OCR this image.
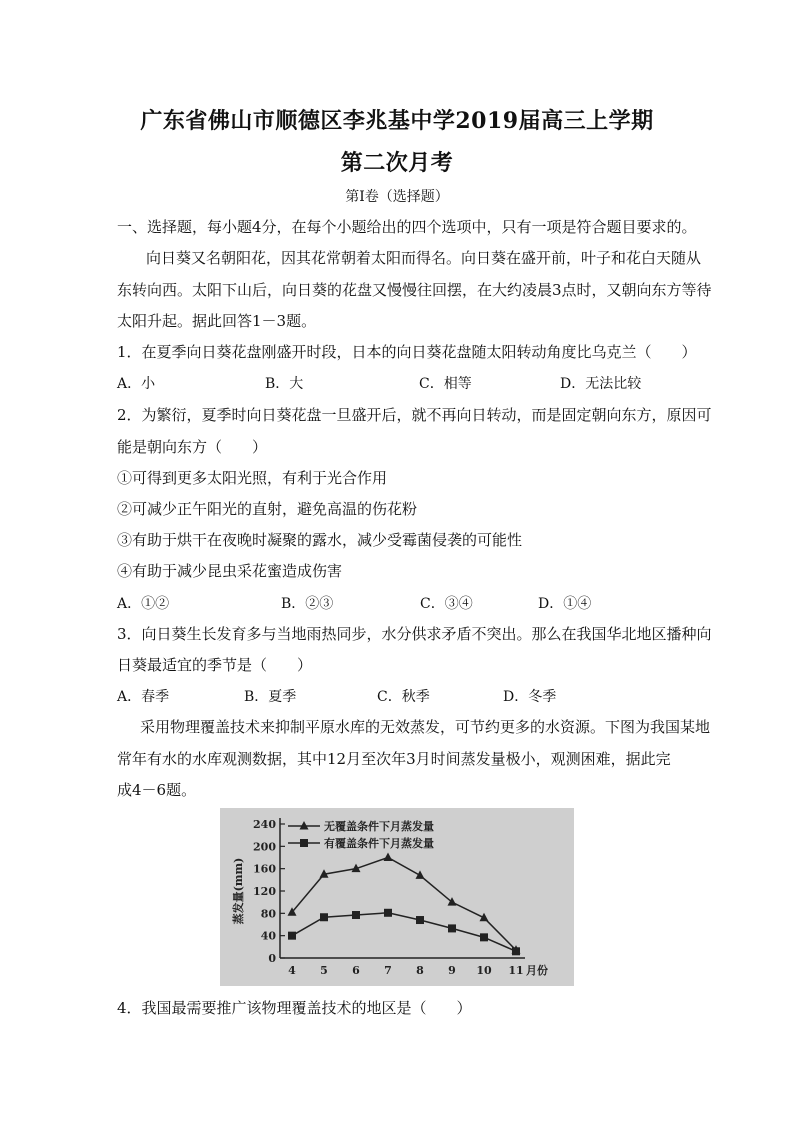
广东省佛山市顺德区李兆基中学2019届高三上学期
第二次月考
第Ⅰ卷（选择题）
一、选择题，每小题4分，在每个小题给出的四个选项中，只有一项是符合题目要求的。
向日葵又名朝阳花，因其花常朝着太阳而得名。向日葵在盛开前，叶子和花白天随从
东转向西。太阳下山后，向日葵的花盘又慢慢往回摆，在大约凌晨3点时，又朝向东方等待
太阳升起。据此回答1－3题。
1．在夏季向日葵花盘刚盛开时段，日本的向日葵花盘随太阳转动角度比乌克兰（　　）
A．小	B．大	C．相等	D．无法比较
2．为繁衍，夏季时向日葵花盘一旦盛开后，就不再向日转动，而是固定朝向东方，原因可
能是朝向东方（　　）
①可得到更多太阳光照，有利于光合作用
②可减少正午阳光的直射，避免高温的伤花粉
③有助于烘干在夜晚时凝聚的露水，减少受霉菌侵袭的可能性
④有助于减少昆虫采花蜜造成伤害
A．①②	B．②③	C．③④	D．①④
3．向日葵生长发育多与当地雨热同步，水分供求矛盾不突出。那么在我国华北地区播种向
日葵最适宜的季节是（　　）
A．春季	B．夏季	C．秋季	D．冬季
采用物理覆盖技术来抑制平原水库的无效蒸发，可节约更多的水资源。下图为我国某地
常年有水的水库观测数据，其中12月至次年3月时间蒸发量极小，观测困难，据此完
成4－6题。
0
40
80
120
160
200
240
4 5 6 7 8 9 10 11 月份
蒸发量(mm)
无覆盖条件下月蒸发量
有覆盖条件下月蒸发量
4．我国最需要推广该物理覆盖技术的地区是（　　）
